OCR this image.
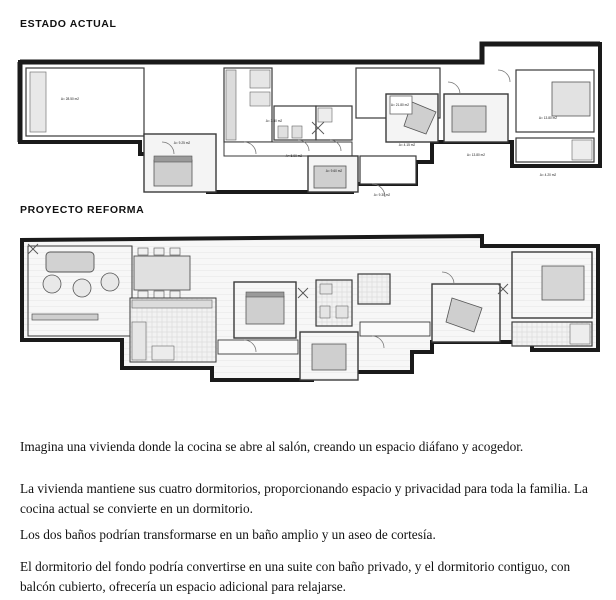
ESTADO ACTUAL
A= 28.50 m2
A= 9.25 m2
A= 3.80 m2
A= 5.90 m2
A= 9.60 m2
A= 9.30 m2
A= 21.80 m2
A= 4.15 m2
A= 13.80 m2
A= 13.80 m2
A= 4.20 m2
PROYECTO REFORMA

Imagina una vivienda donde la cocina se abre al salón, creando un espacio diáfano y acogedor.

La vivienda mantiene sus cuatro dormitorios, proporcionando espacio y privacidad para toda la familia. La cocina actual se convierte en un dormitorio.

Los dos baños podrían transformarse en un baño amplio y un aseo de cortesía.

El dormitorio del fondo podría convertirse en una suite con baño privado, y el dormitorio contiguo, con balcón cubierto, ofrecería un espacio adicional para relajarse.
